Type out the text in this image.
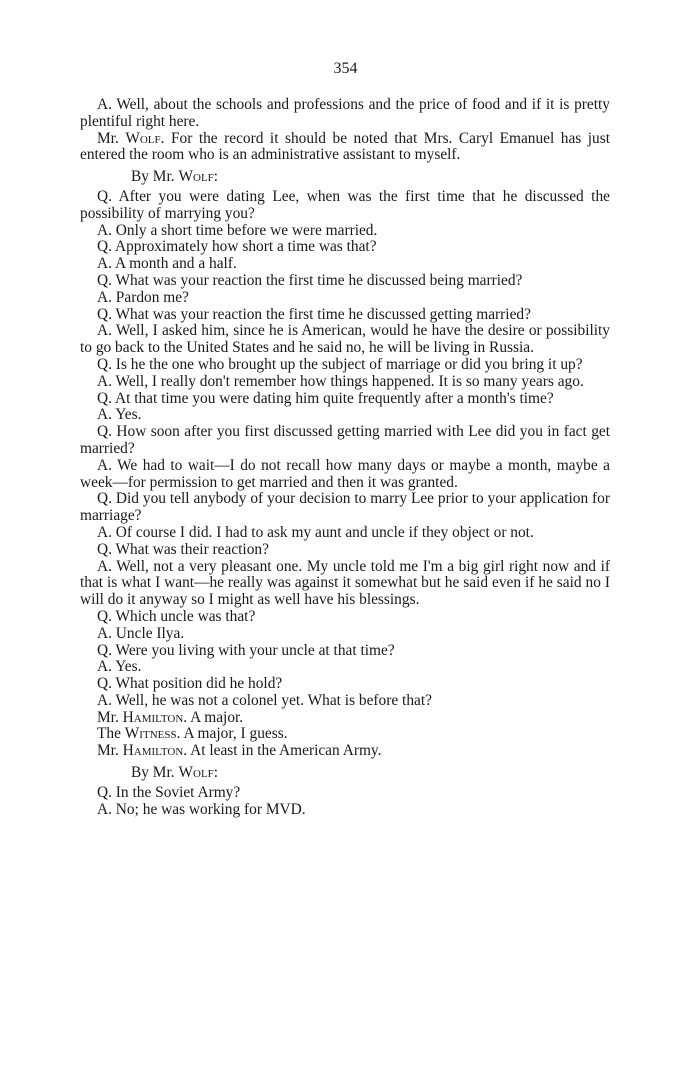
354

A. Well, about the schools and professions and the price of food and if it is pretty plentiful right here.

Mr. Wolf. For the record it should be noted that Mrs. Caryl Emanuel has just entered the room who is an administrative assistant to myself.

By Mr. Wolf:

Q. After you were dating Lee, when was the first time that he discussed the possibility of marrying you?

A. Only a short time before we were married.

Q. Approximately how short a time was that?

A. A month and a half.

Q. What was your reaction the first time he discussed being married?

A. Pardon me?

Q. What was your reaction the first time he discussed getting married?

A. Well, I asked him, since he is American, would he have the desire or possibility to go back to the United States and he said no, he will be living in Russia.

Q. Is he the one who brought up the subject of marriage or did you bring it up?

A. Well, I really don't remember how things happened. It is so many years ago.

Q. At that time you were dating him quite frequently after a month's time?

A. Yes.

Q. How soon after you first discussed getting married with Lee did you in fact get married?

A. We had to wait—I do not recall how many days or maybe a month, maybe a week—for permission to get married and then it was granted.

Q. Did you tell anybody of your decision to marry Lee prior to your application for marriage?

A. Of course I did. I had to ask my aunt and uncle if they object or not.

Q. What was their reaction?

A. Well, not a very pleasant one. My uncle told me I'm a big girl right now and if that is what I want—he really was against it somewhat but he said even if he said no I will do it anyway so I might as well have his blessings.

Q. Which uncle was that?

A. Uncle Ilya.

Q. Were you living with your uncle at that time?

A. Yes.

Q. What position did he hold?

A. Well, he was not a colonel yet. What is before that?

Mr. Hamilton. A major.

The Witness. A major, I guess.

Mr. Hamilton. At least in the American Army.

By Mr. Wolf:

Q. In the Soviet Army?

A. No; he was working for MVD.
